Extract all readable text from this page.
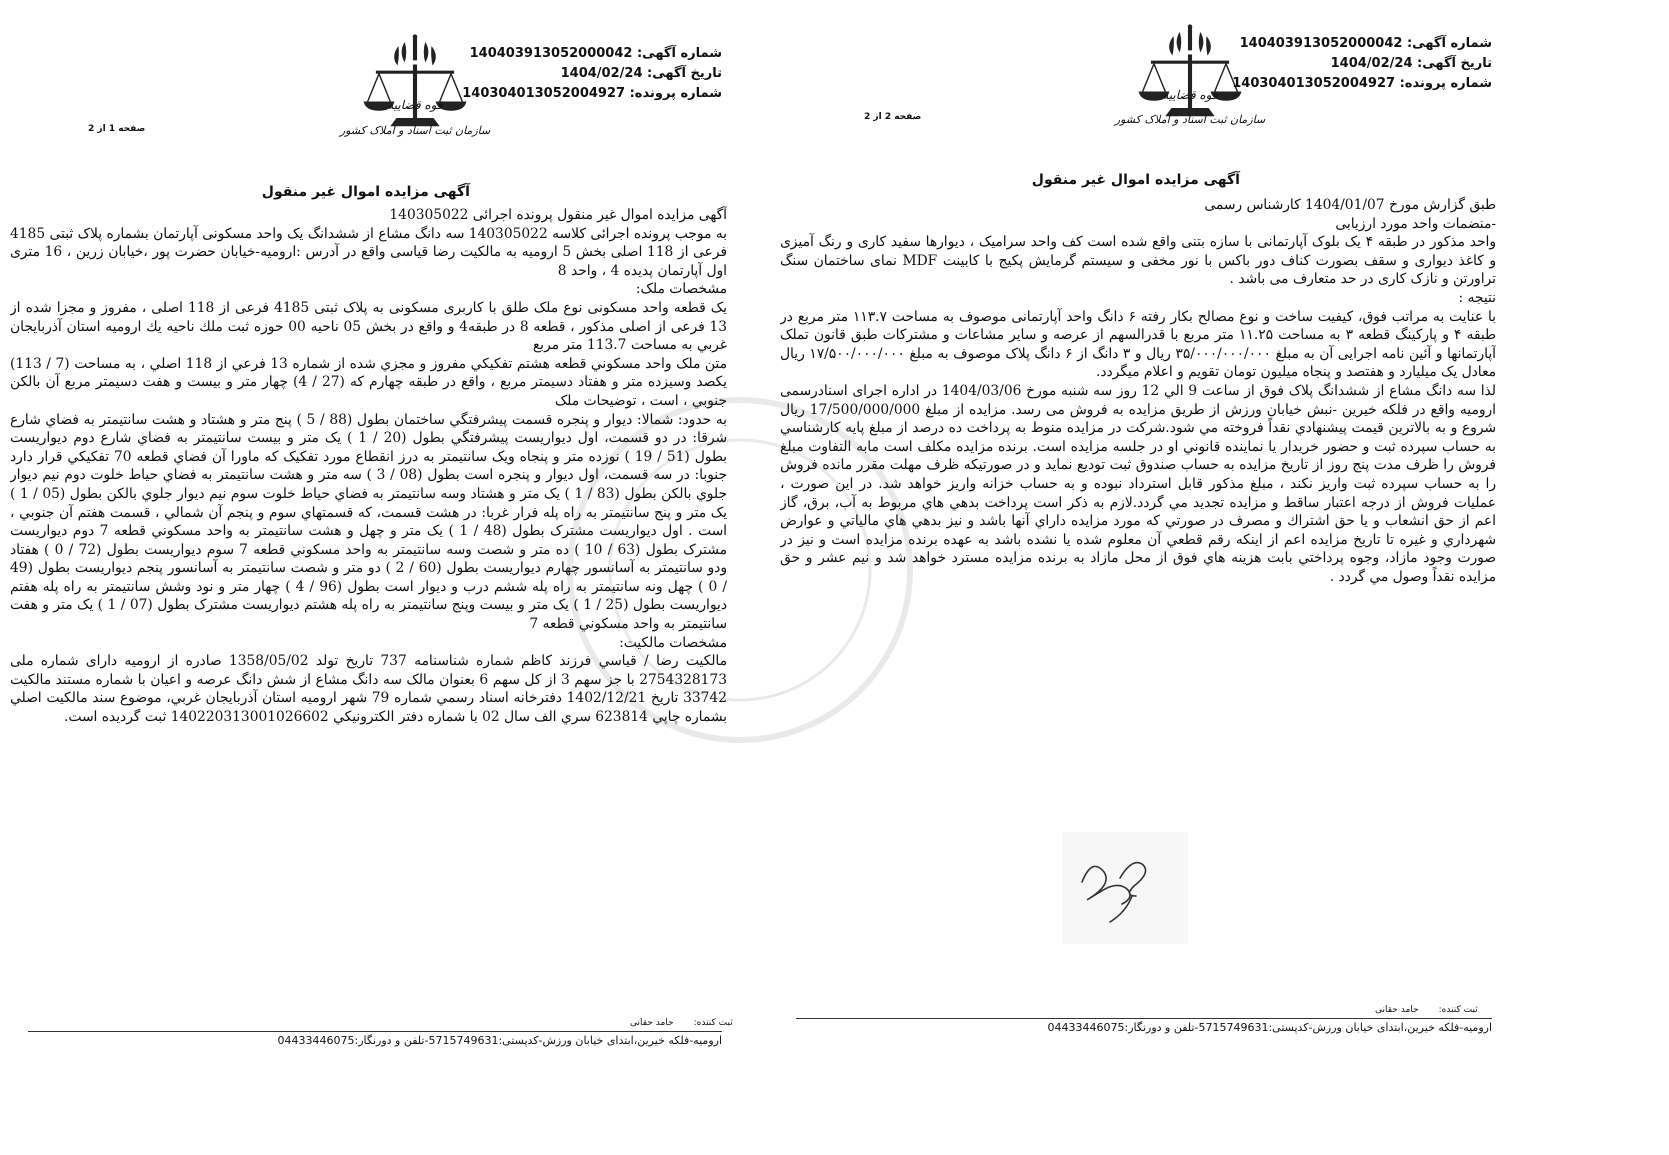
قوه قضاییه
سازمان ثبت اسناد و املاک کشور
شماره آگهی: 140403913052000042
تاریخ آگهی: 1404/02/24
شماره پرونده: 140304013052004927
صفحه 1 از 2
آگهی مزایده اموال غیر منقول

آگهی مزایده اموال غیر منقول پرونده اجرائی 140305022

به موجب پرونده اجرائی کلاسه 140305022 سه دانگ مشاع از ششدانگ یک واحد مسکونی آپارتمان بشماره پلاک ثبتی 4185 فرعی از 118 اصلی بخش 5 ارومیه به مالکیت رضا قیاسی واقع در آدرس :ارومیه-خیابان حضرت پور ،خیابان زرین ، 16 متری اول آپارتمان پدیده 4 ، واحد 8

مشخصات ملک:

یک قطعه واحد مسکونی نوع ملک طلق با کاربری مسکونی به پلاک ثبتی 4185 فرعی از 118 اصلی ، مفروز و مجزا شده از 13 فرعی از اصلی مذکور ، قطعه 8 در طبقه4 و واقع در بخش 05 ناحیه 00 حوزه ثبت ملك ناحیه يك اروميه استان آذربایجان غربي به مساحت 113.7 متر مربع

متن ملک واحد مسکوني قطعه هشتم تفکيکي مفروز و مجزي شده از شماره 13 فرعي از 118 اصلي ، به مساحت (7 / 113) يکصد وسيزده متر و هفتاد دسيمتر مربع ، واقع در طبقه چهارم که (27 / 4) چهار متر و بيست و هفت دسيمتر مربع آن بالکن جنوبي ، است ، توضيحات ملک

به حدود: شمالا: ديوار و پنجره قسمت پيشرفتگي ساختمان بطول (88 / 5 ) پنج متر و هشتاد و هشت سانتيمتر به فضاي شارع شرقا: در دو قسمت، اول ديواريست پيشرفتگي بطول (20 / 1 ) يک متر و بيست سانتيمتر به فضاي شارع دوم ديواريست بطول (51 / 19 ) نوزده متر و پنجاه ويک سانتيمتر به درز انقطاع مورد تفکيک كه ماورا آن فضاي قطعه 70 تفکيکي قرار دارد جنوبا: در سه قسمت، اول ديوار و پنجره است بطول (08 / 3 ) سه متر و هشت سانتيمتر به فضاي حياط خلوت دوم نيم ديوار جلوي بالکن بطول (83 / 1 ) يک متر و هشتاد وسه سانتيمتر به فضاي حياط خلوت سوم نيم ديوار جلوي بالکن بطول (05 / 1 ) يک متر و پنج سانتيمتر به راه پله فرار غربا: در هشت قسمت، كه قسمتهاي سوم و پنجم آن شمالي ، قسمت هفتم آن جنوبي ، است . اول ديواريست مشترک بطول (48 / 1 ) يک متر و چهل و هشت سانتيمتر به واحد مسکوني قطعه 7 دوم ديواريست مشترک بطول (63 / 10 ) ده متر و شصت وسه سانتيمتر به واحد مسکوني قطعه 7 سوم ديواريست بطول (72 / 0 ) هفتاد ودو سانتيمتر به آسانسور چهارم ديواريست بطول (60 / 2 ) دو متر و شصت سانتيمتر به آسانسور پنجم ديواريست بطول (49 / 0 ) چهل ونه سانتيمتر به راه پله ششم درب و ديوار است بطول (96 / 4 ) چهار متر و نود وشش سانتيمتر به راه پله هفتم ديواريست بطول (25 / 1 ) يک متر و بيست وپنج سانتيمتر به راه پله هشتم ديواريست مشترک بطول (07 / 1 ) يک متر و هفت سانتيمتر به واحد مسکوني قطعه 7

مشخصات مالکیت:

مالکیت رضا / قیاسي فرزند کاظم شماره شناسنامه 737 تاریخ تولد 1358/05/02 صادره از ارومیه دارای شماره ملی 2754328173 با جز سهم 3 از کل سهم 6 بعنوان مالک سه دانگ مشاع از شش دانگ عرصه و اعیان با شماره مستند مالکیت 33742 تاریخ 1402/12/21 دفترخانه اسناد رسمي شماره 79 شهر اروميه استان آذربايجان غربي، موضوع سند مالکيت اصلي بشماره چاپي 623814 سري الف سال 02 با شماره دفتر الكترونيكي 140220313001026602 ثبت گرديده است.

ثبت کننده:       حامد حقانی
ارومیه-فلکه خیرین،ابتدای خیابان ورزش-کدپستی:5715749631-تلفن و دورنگار:04433446075
قوه قضاییه
سازمان ثبت اسناد و املاک کشور
شماره آگهی: 140403913052000042
تاریخ آگهی: 1404/02/24
شماره پرونده: 140304013052004927
صفحه 2 از 2
آگهی مزایده اموال غیر منقول

طبق گزارش مورخ 1404/01/07 کارشناس رسمی

-منضمات واحد مورد ارزیابی

واحد مذکور در طبقه ۴ یک بلوک آپارتمانی با سازه بتنی واقع شده است کف واحد سرامیک ، دیوارها سفید کاری و رنگ آمیزی و کاغذ دیواری و سقف بصورت کناف دور باکس با نور مخفی و سیستم گرمایش پکیج با کابینت MDF نمای ساختمان سنگ تراورتن و نازک کاری در حد متعارف می باشد .

نتیجه :

با عنایت به مراتب فوق، کیفیت ساخت و نوع مصالح بکار رفته ۶ دانگ واحد آپارتمانی موصوف به مساحت ۱۱۳.۷ متر مربع در طبقه ۴ و پارکینگ قطعه ۳ به مساحت ۱۱.۲۵ متر مربع با قدرالسهم از عرصه و سایر مشاعات و مشترکات طبق قانون تملک آپارتمانها و آئین نامه اجرایی آن به مبلغ ۳۵/۰۰۰/۰۰۰/۰۰۰ ریال و ۳ دانگ از ۶ دانگ پلاک موصوف به مبلغ ۱۷/۵۰۰/۰۰۰/۰۰۰ ریال معادل یک میلیارد و هفتصد و پنجاه میلیون تومان تقویم و اعلام میگردد.

لذا سه دانگ مشاع از ششدانگ پلاک فوق از ساعت 9 الي 12 روز سه شنبه مورخ 1404/03/06 در اداره اجرای اسنادرسمی ارومیه واقع در فلکه خیرین -نبش خیابان ورزش از طریق مزایده به فروش می رسد. مزایده از مبلغ 17/500/000/000 ریال شروع و به بالاترین قیمت پیشنهادي نقداً فروخته مي شود.شرکت در مزايده منوط به پرداخت ده درصد از مبلغ پايه كارشناسي به حساب سپرده ثبت و حضور خريدار يا نماينده قانوني او در جلسه مزايده است. برنده مزايده مكلف است مابه التفاوت مبلغ فروش را ظرف مدت پنج روز از تاريخ مزايده به حساب صندوق ثبت توديع نمايد و در صورتيكه ظرف مهلت مقرر مانده فروش را به حساب سپرده ثبت واريز نكند ، مبلغ مذكور قابل استرداد نبوده و به حساب خزانه واريز خواهد شد. در اين صورت ، عمليات فروش از درجه اعتبار ساقط و مزايده تجديد مي گردد.لازم به ذكر است پرداخت بدهي هاي مربوط به آب، برق، گاز اعم از حق انشعاب و يا حق اشتراك و مصرف در صورتي كه مورد مزايده داراي آنها باشد و نيز بدهي هاي مالياتي و عوارض شهرداري و غيره تا تاريخ مزايده اعم از اينكه رقم قطعي آن معلوم شده يا نشده باشد به عهده برنده مزايده است و نيز در صورت وجود مازاد، وجوه پرداختي بابت هزينه هاي فوق از محل مازاد به برنده مزايده مسترد خواهد شد و نيم عشر و حق مزايده نقداً وصول مي گردد .

ثبت کننده:       حامد حقانی
ارومیه-فلکه خیرین،ابتدای خیابان ورزش-کدپستی:5715749631-تلفن و دورنگار:04433446075
